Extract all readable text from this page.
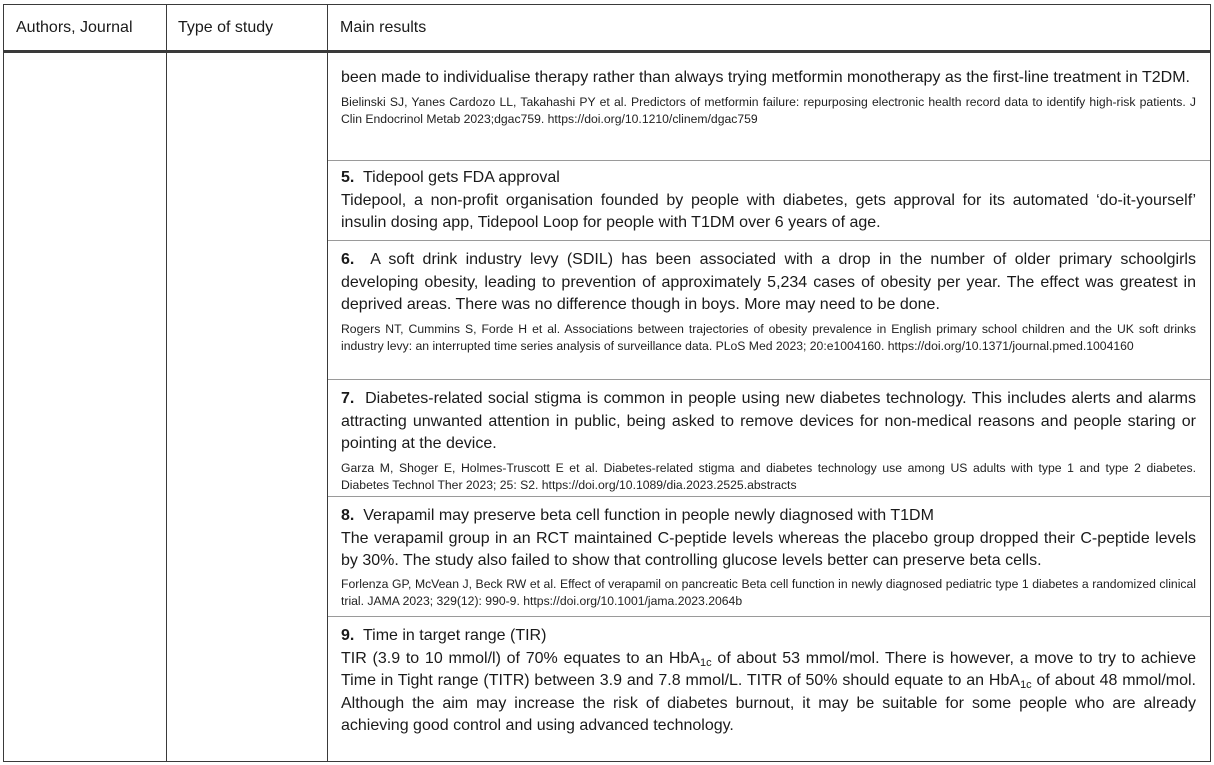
Authors, Journal	Type of study	Main results
been made to individualise therapy rather than always trying metformin monotherapy as the first-line treatment in T2DM.
Bielinski SJ, Yanes Cardozo LL, Takahashi PY et al. Predictors of metformin failure: repurposing electronic health record data to identify high-risk patients. J Clin Endocrinol Metab 2023;dgac759. https://doi.org/10.1210/clinem/dgac759
5. Tidepool gets FDA approval
Tidepool, a non-profit organisation founded by people with diabetes, gets approval for its automated ‘do-it-yourself’ insulin dosing app, Tidepool Loop for people with T1DM over 6 years of age.
6. A soft drink industry levy (SDIL) has been associated with a drop in the number of older primary schoolgirls developing obesity, leading to prevention of approximately 5,234 cases of obesity per year. The effect was greatest in deprived areas. There was no difference though in boys. More may need to be done.
Rogers NT, Cummins S, Forde H et al. Associations between trajectories of obesity prevalence in English primary school children and the UK soft drinks industry levy: an interrupted time series analysis of surveillance data. PLoS Med 2023; 20:e1004160. https://doi.org/10.1371/journal.pmed.1004160
7. Diabetes-related social stigma is common in people using new diabetes technology. This includes alerts and alarms attracting unwanted attention in public, being asked to remove devices for non-medical reasons and people staring or pointing at the device.
Garza M, Shoger E, Holmes-Truscott E et al. Diabetes-related stigma and diabetes technology use among US adults with type 1 and type 2 diabetes. Diabetes Technol Ther 2023; 25: S2. https://doi.org/10.1089/dia.2023.2525.abstracts
8. Verapamil may preserve beta cell function in people newly diagnosed with T1DM
The verapamil group in an RCT maintained C-peptide levels whereas the placebo group dropped their C-peptide levels by 30%. The study also failed to show that controlling glucose levels better can preserve beta cells.
Forlenza GP, McVean J, Beck RW et al. Effect of verapamil on pancreatic Beta cell function in newly diagnosed pediatric type 1 diabetes a randomized clinical trial. JAMA 2023; 329(12): 990-9. https://doi.org/10.1001/jama.2023.2064b
9. Time in target range (TIR)
TIR (3.9 to 10 mmol/l) of 70% equates to an HbA$_{1c}$ of about 53 mmol/mol. There is however, a move to try to achieve Time in Tight range (TITR) between 3.9 and 7.8 mmol/L. TITR of 50% should equate to an HbA$_{1c}$ of about 48 mmol/mol. Although the aim may increase the risk of diabetes burnout, it may be suitable for some people who are already achieving good control and using advanced technology.
